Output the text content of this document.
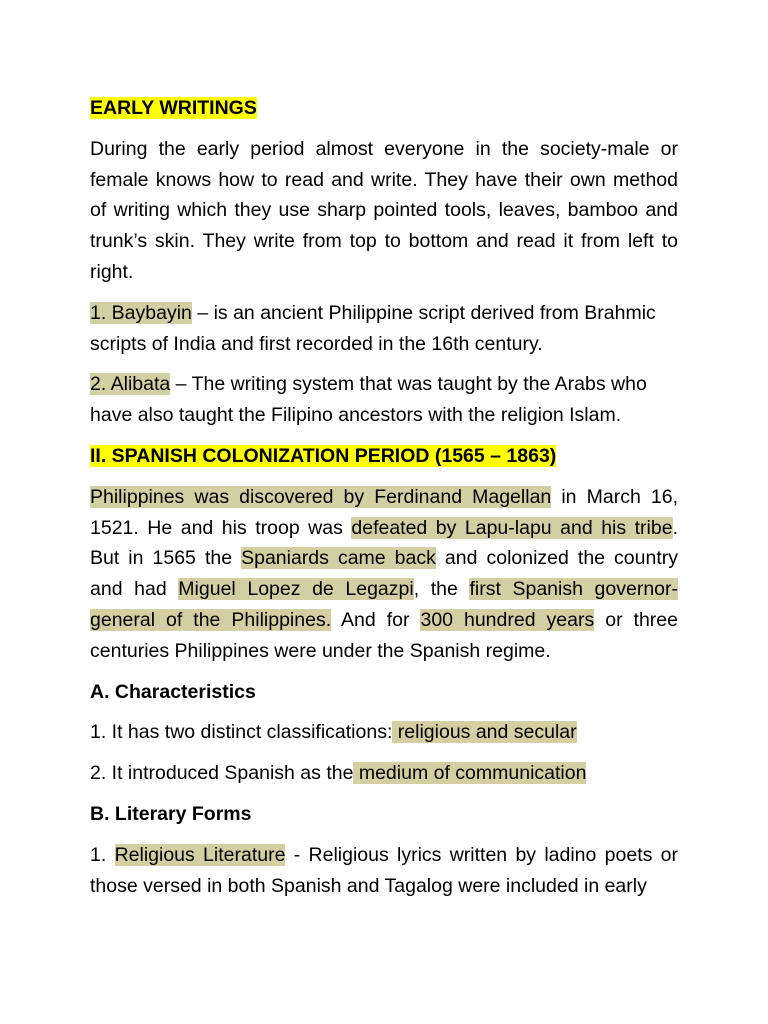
EARLY WRITINGS
During the early period almost everyone in the society-male or female knows how to read and write. They have their own method of writing which they use sharp pointed tools, leaves, bamboo and trunk’s skin. They write from top to bottom and read it from left to right.
1. Baybayin – is an ancient Philippine script derived from Brahmic scripts of India and first recorded in the 16th century.
2. Alibata – The writing system that was taught by the Arabs who have also taught the Filipino ancestors with the religion Islam.
II. SPANISH COLONIZATION PERIOD (1565 – 1863)
Philippines was discovered by Ferdinand Magellan in March 16, 1521. He and his troop was defeated by Lapu-lapu and his tribe. But in 1565 the Spaniards came back and colonized the country and had Miguel Lopez de Legazpi, the first Spanish governor-general of the Philippines. And for 300 hundred years or three centuries Philippines were under the Spanish regime.
A. Characteristics
1. It has two distinct classifications: religious and secular
2. It introduced Spanish as the medium of communication
B. Literary Forms
1. Religious Literature - Religious lyrics written by ladino poets or those versed in both Spanish and Tagalog were included in early
